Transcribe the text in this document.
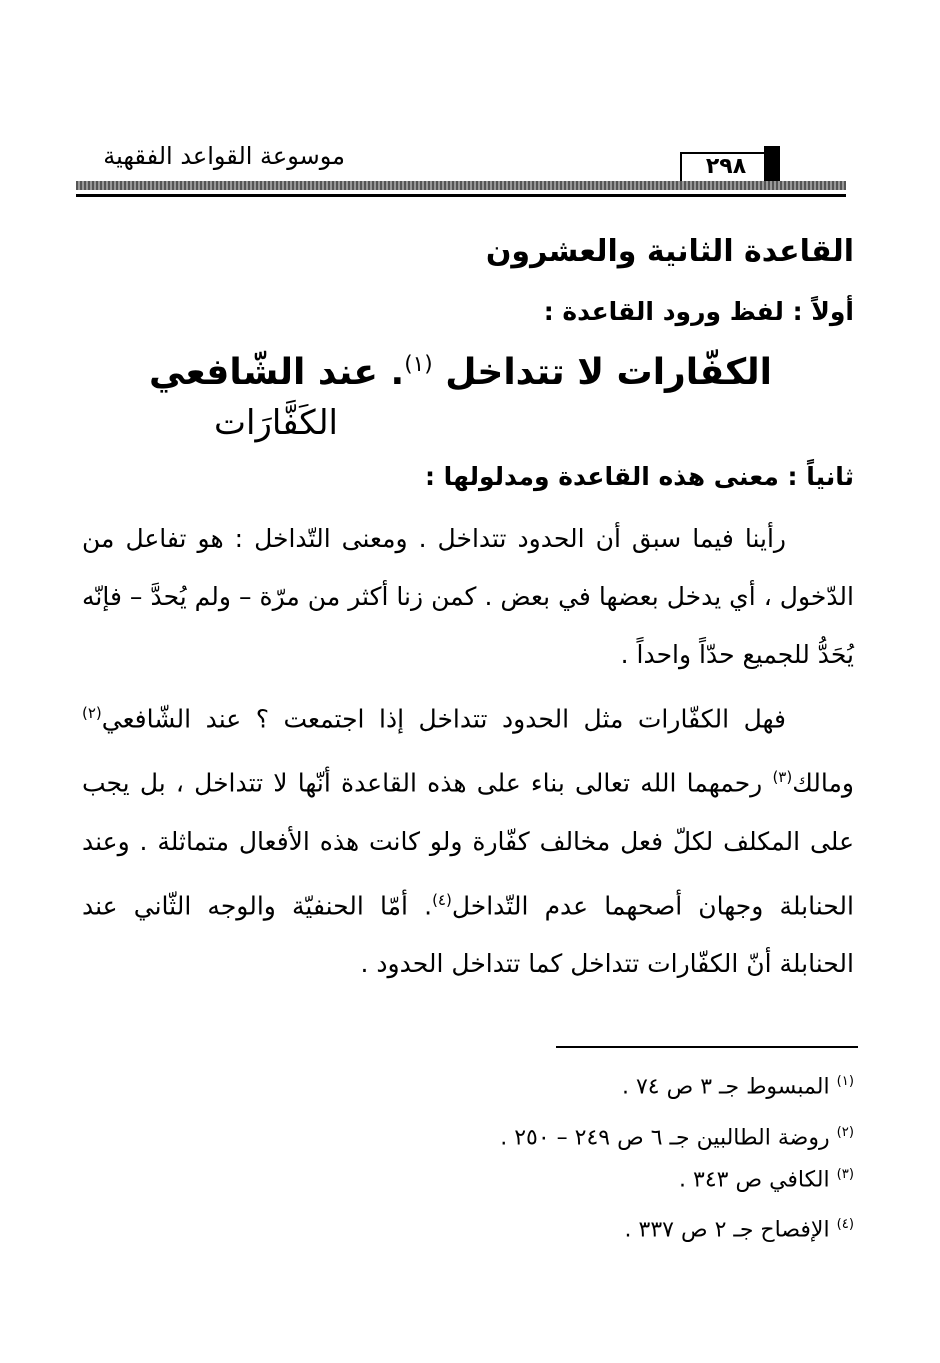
موسوعة القواعد الفقهية	٢٩٨
القاعدة الثانية والعشرون
أولاً : لفظ ورود القاعدة :
الكفّارات لا تتداخل $^{(١)}$. عند الشّافعي
الكَفَّارَات
ثانياً : معنى هذه القاعدة ومدلولها :
رأينا فيما سبق أن الحدود تتداخل . ومعنى التّداخل : هو تفاعل من الدّخول ، أي يدخل بعضها في بعض . كمن زنا أكثر من مرّة – ولم يُحدَّ – فإنّه يُحَدُّ للجميع حدّاً واحداً .
فهل الكفّارات مثل الحدود تتداخل إذا اجتمعت ؟ عند الشّافعي$^{(٢)}$ ومالك$^{(٣)}$ رحمهما الله تعالى بناء على هذه القاعدة أنّها لا تتداخل ، بل يجب على المكلف لكلّ فعل مخالف كفّارة ولو كانت هذه الأفعال متماثلة . وعند الحنابلة وجهان أصحهما عدم التّداخل$^{(٤)}$. أمّا الحنفيّة والوجه الثّاني عند الحنابلة أنّ الكفّارات تتداخل كما تتداخل الحدود .
$^{(١)}$ المبسوط جـ ٣ ص ٧٤ .
$^{(٢)}$ روضة الطالبين جـ ٦ ص ٢٤٩ – ٢٥٠ .
$^{(٣)}$ الكافي ص ٣٤٣ .
$^{(٤)}$ الإفصاح جـ ٢ ص ٣٣٧ .
